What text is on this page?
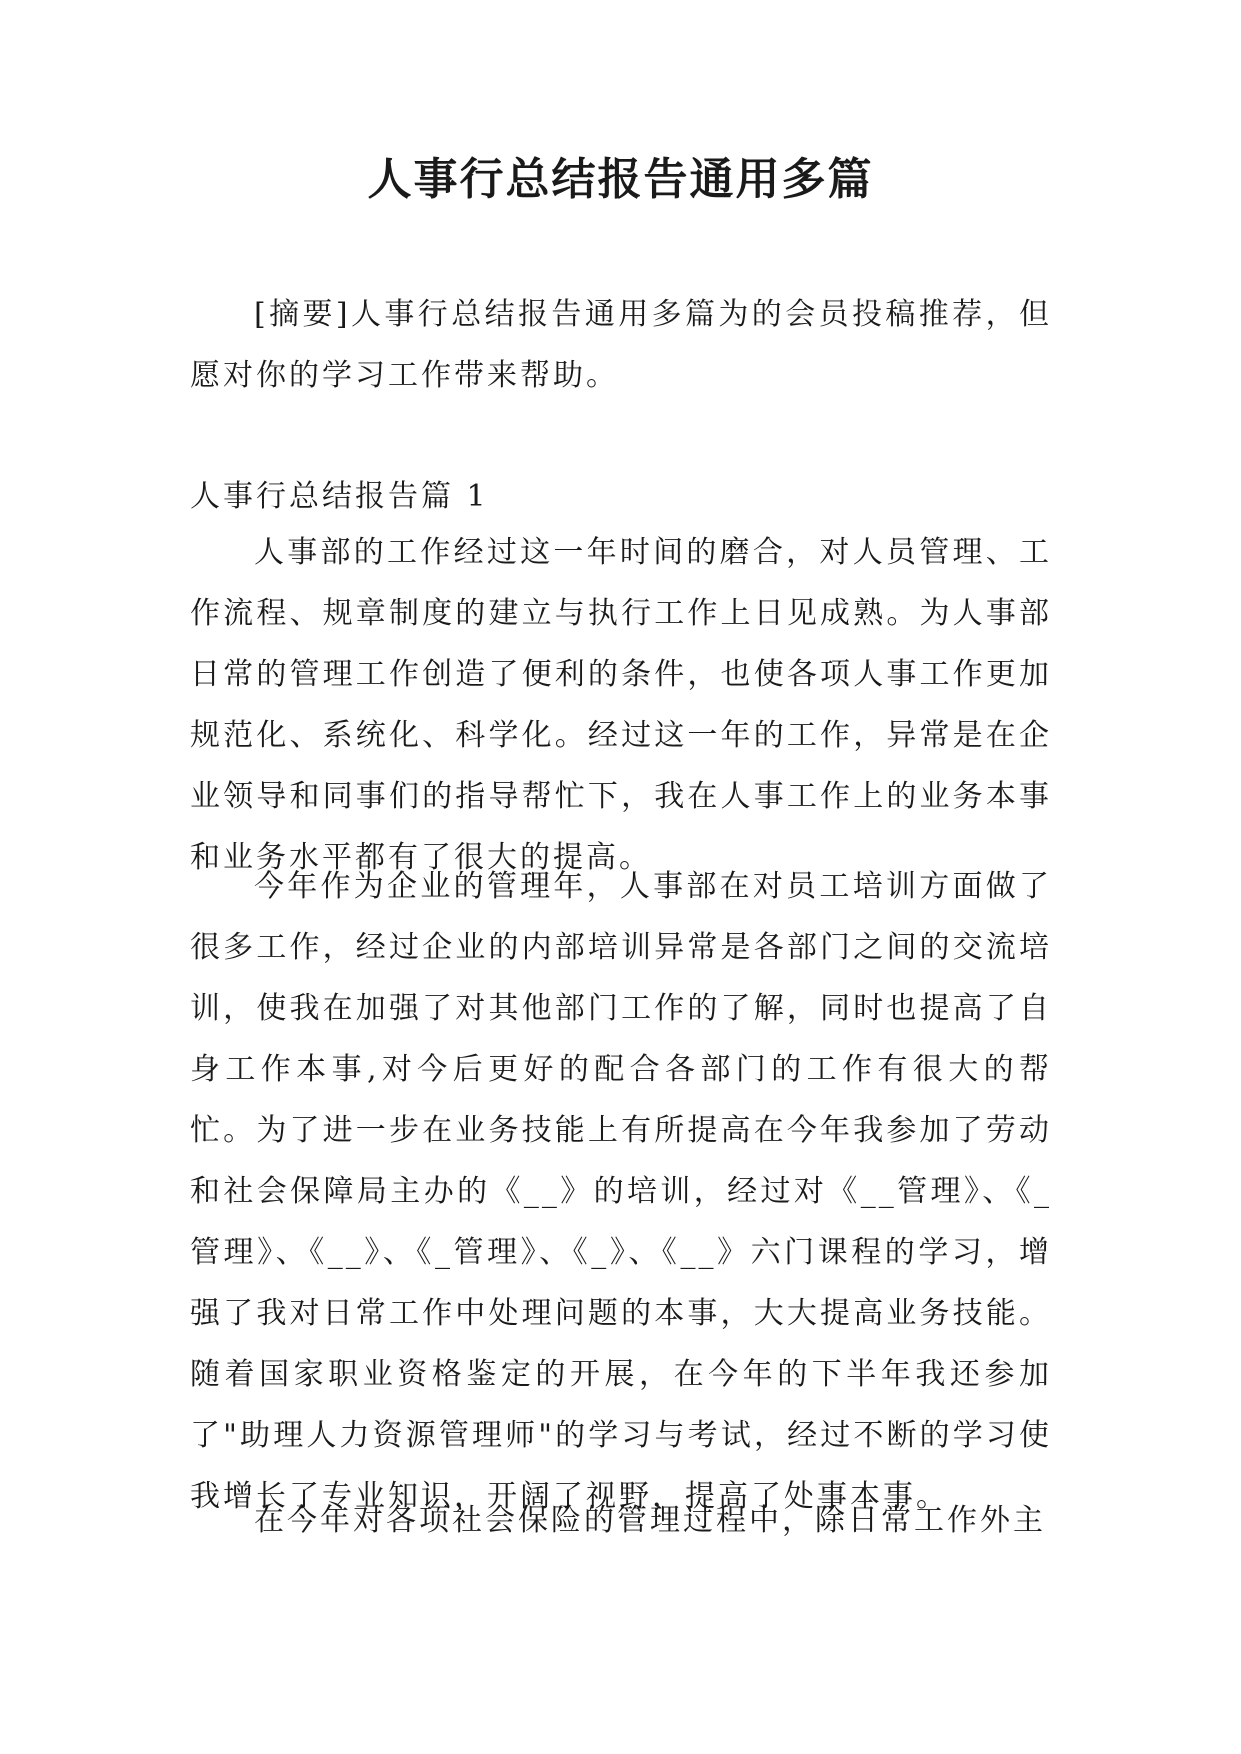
人事行总结报告通用多篇

[摘要]人事行总结报告通用多篇为的会员投稿推荐，但愿对你的学习工作带来帮助。

人事行总结报告篇 1

人事部的工作经过这一年时间的磨合，对人员管理、工作流程、规章制度的建立与执行工作上日见成熟。为人事部日常的管理工作创造了便利的条件，也使各项人事工作更加规范化、系统化、科学化。经过这一年的工作，异常是在企业领导和同事们的指导帮忙下，我在人事工作上的业务本事和业务水平都有了很大的提高。

今年作为企业的管理年，人事部在对员工培训方面做了很多工作，经过企业的内部培训异常是各部门之间的交流培训，使我在加强了对其他部门工作的了解，同时也提高了自身工作本事,对今后更好的配合各部门的工作有很大的帮忙。为了进一步在业务技能上有所提高在今年我参加了劳动和社会保障局主办的《__》的培训，经过对《__管理》、《_管理》、《__》、《_管理》、《_》、《__》六门课程的学习，增强了我对日常工作中处理问题的本事，大大提高业务技能。随着国家职业资格鉴定的开展，在今年的下半年我还参加了"助理人力资源管理师"的学习与考试，经过不断的学习使我增长了专业知识，开阔了视野，提高了处事本事。

在今年对各项社会保险的管理过程中，除日常工作外主
